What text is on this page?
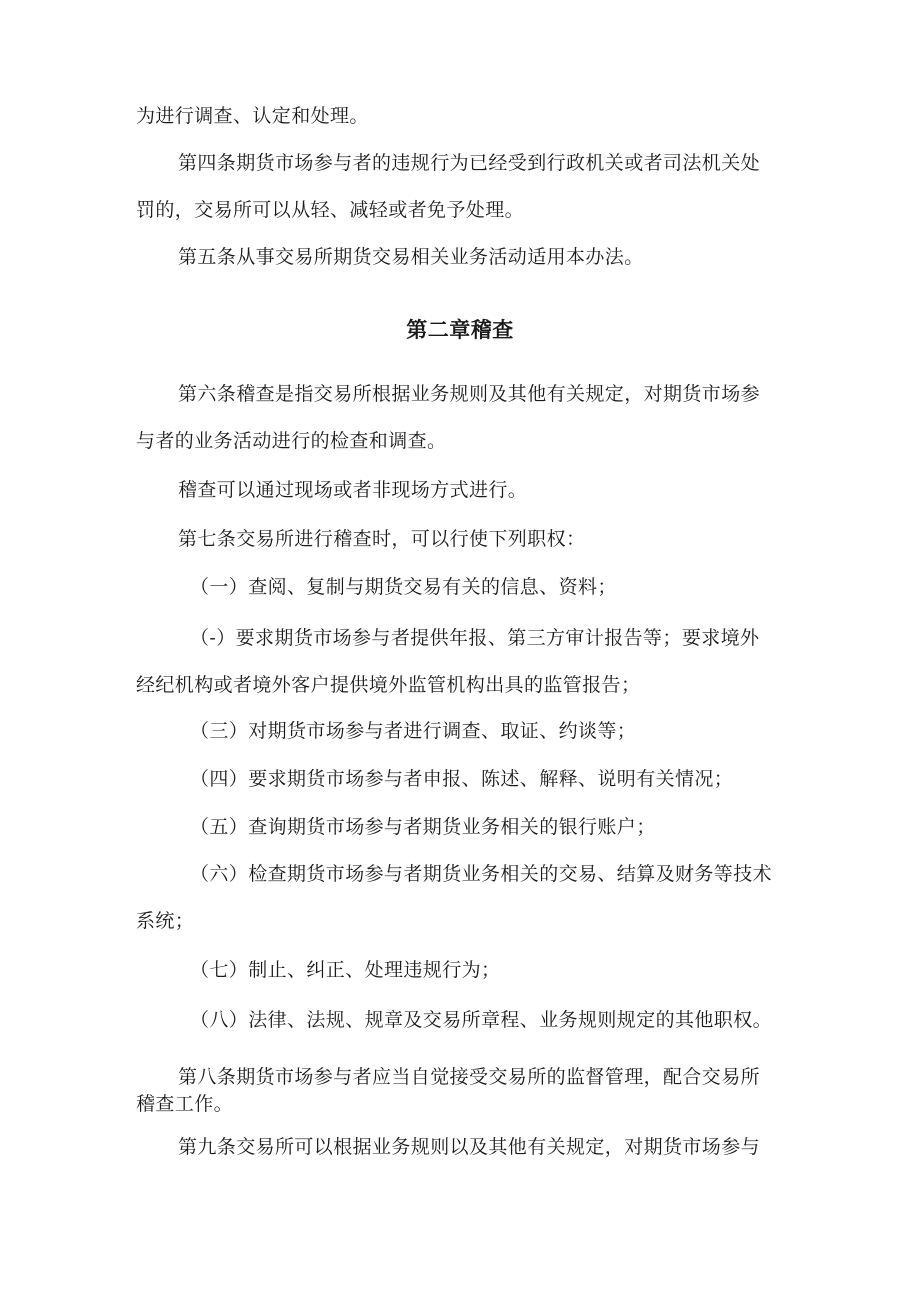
为进行调查、认定和处理。
第四条期货市场参与者的违规行为已经受到行政机关或者司法机关处
罚的，交易所可以从轻、减轻或者免予处理。
第五条从事交易所期货交易相关业务活动适用本办法。
第二章稽查
第六条稽查是指交易所根据业务规则及其他有关规定，对期货市场参
与者的业务活动进行的检查和调查。
稽查可以通过现场或者非现场方式进行。
第七条交易所进行稽查时，可以行使下列职权：
（一）查阅、复制与期货交易有关的信息、资料；
（-）要求期货市场参与者提供年报、第三方审计报告等；要求境外
经纪机构或者境外客户提供境外监管机构出具的监管报告；
（三）对期货市场参与者进行调查、取证、约谈等；
（四）要求期货市场参与者申报、陈述、解释、说明有关情况；
（五）查询期货市场参与者期货业务相关的银行账户；
（六）检查期货市场参与者期货业务相关的交易、结算及财务等技术
系统；
（七）制止、纠正、处理违规行为；
（八）法律、法规、规章及交易所章程、业务规则规定的其他职权。
第八条期货市场参与者应当自觉接受交易所的监督管理，配合交易所
稽查工作。
第九条交易所可以根据业务规则以及其他有关规定，对期货市场参与
